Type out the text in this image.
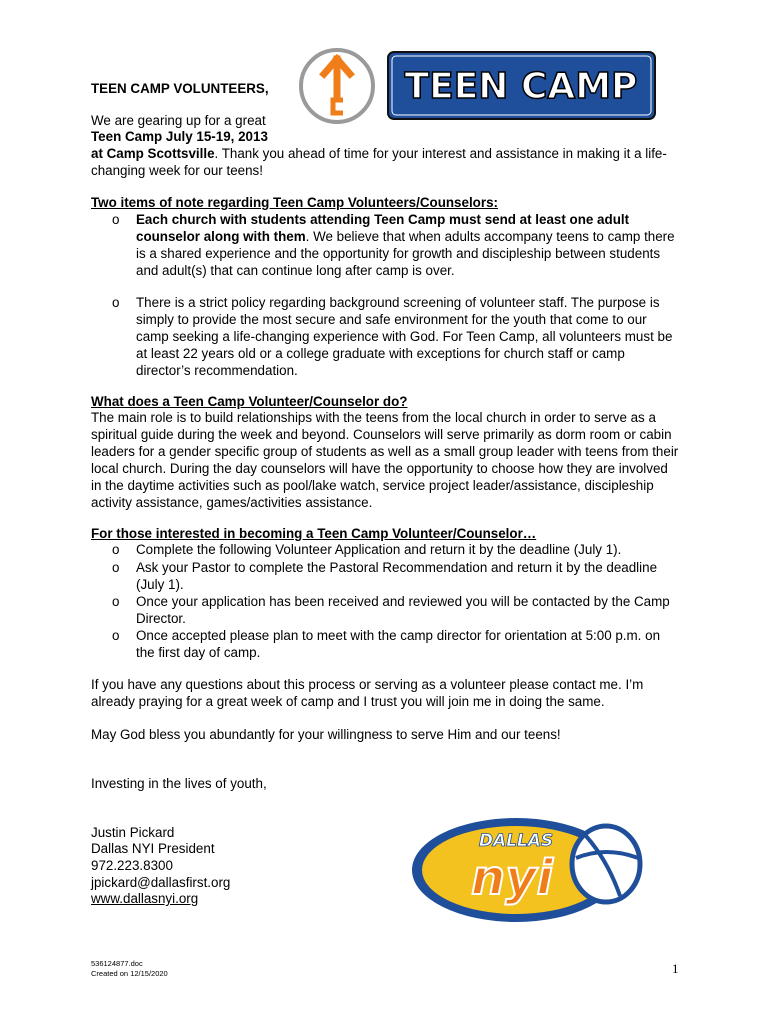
TEEN CAMP VOLUNTEERS,
We are gearing up for a great
Teen Camp July 15-19, 2013
at Camp Scottsville. Thank you ahead of time for your interest and assistance in making it a life-changing week for our teens!
TEEN CAMP
Two items of note regarding Teen Camp Volunteers/Counselors:
o Each church with students attending Teen Camp must send at least one adult counselor along with them. We believe that when adults accompany teens to camp there is a shared experience and the opportunity for growth and discipleship between students and adult(s) that can continue long after camp is over.
o There is a strict policy regarding background screening of volunteer staff. The purpose is simply to provide the most secure and safe environment for the youth that come to our camp seeking a life-changing experience with God. For Teen Camp, all volunteers must be at least 22 years old or a college graduate with exceptions for church staff or camp director’s recommendation.
What does a Teen Camp Volunteer/Counselor do?
The main role is to build relationships with the teens from the local church in order to serve as a spiritual guide during the week and beyond. Counselors will serve primarily as dorm room or cabin leaders for a gender specific group of students as well as a small group leader with teens from their local church. During the day counselors will have the opportunity to choose how they are involved in the daytime activities such as pool/lake watch, service project leader/assistance, discipleship activity assistance, games/activities assistance.
For those interested in becoming a Teen Camp Volunteer/Counselor…
o Complete the following Volunteer Application and return it by the deadline (July 1).
o Ask your Pastor to complete the Pastoral Recommendation and return it by the deadline (July 1).
o Once your application has been received and reviewed you will be contacted by the Camp Director.
o Once accepted please plan to meet with the camp director for orientation at 5:00 p.m. on the first day of camp.
If you have any questions about this process or serving as a volunteer please contact me. I’m already praying for a great week of camp and I trust you will join me in doing the same.
May God bless you abundantly for your willingness to serve Him and our teens!
Investing in the lives of youth,
Justin Pickard
Dallas NYI President
972.223.8300
jpickard@dallasfirst.org
www.dallasnyi.org
DALLAS
nyi
536124877.doc
Created on 12/15/2020	1
